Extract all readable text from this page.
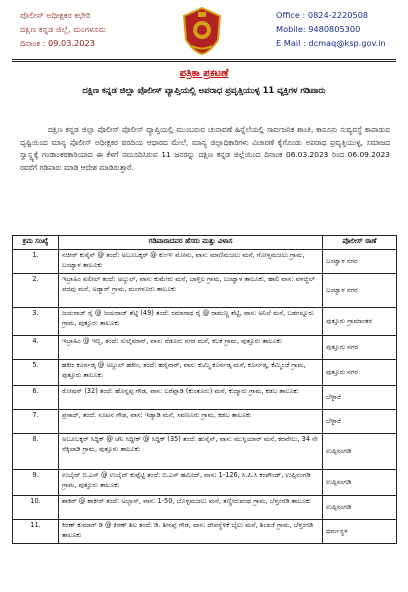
ಪೊಲೀಸ್ ಅಧೀಕ್ಷಕರ ಕಛೇರಿ
ದಕ್ಷಿಣ ಕನ್ನಡ ಜಿಲ್ಲೆ, ಮಂಗಳೂರು
ದಿನಾಂಕ : 09.03.2023
Office : 0824-2220508
Mobile: 9480805300
E Mail : dcmaq@ksp.gov.in
ಪತ್ರಿಕಾ ಪ್ರಕಟಣೆ
ದಕ್ಷಿಣ ಕನ್ನಡ ಜಿಲ್ಲಾ ಪೊಲೀಸ್ ವ್ಯಾಪ್ತಿಯಲ್ಲಿ ಅಪರಾಧ ಪ್ರವೃತ್ತಿಯುಳ್ಳ 11 ವ್ಯಕ್ತಿಗಳ ಗಡಿಪಾರು
ದಕ್ಷಿಣ ಕನ್ನಡ ಜಿಲ್ಲಾ ಪೊಲೀಸ್ ಪೊಲೀಸ್ ವ್ಯಾಪ್ತಿಯಲ್ಲಿ ಮುಂಬರುವ ಚುನಾವಣೆ ಹಿನ್ನೆಲೆಯಲ್ಲಿ ಸಾರ್ವಜನಿಕ ಶಾಂತಿ, ಕಾನೂನು ಸುವ್ಯವಸ್ಥೆ ಕಾಪಾಡುವ ದೃಷ್ಟಿಯಿಂದ ಮಾನ್ಯ ಪೊಲೀಸ್ ಅಧೀಕ್ಷಕರ ವರದಿಯ ಆಧಾರದ ಮೇಲೆ, ಮಾನ್ಯ ಜಿಲ್ಲಾಧಿಕಾರಿಗಳು ವಿಚಾರಣೆ ಕೈಗೊಂಡು ಅಪರಾಧ ಪ್ರವೃತ್ತಿಯುಳ್ಳ, ಸಮಾಜದ ಸ್ವಾಸ್ಥ್ಯಕ್ಕೆ ಗಂಡಾಂತರಕಾರಿಯಾದ ಈ ಕೆಳಗೆ ನಮೂದಿಸಿರುವ 11 ಜನರನ್ನು ದಕ್ಷಿಣ ಕನ್ನಡ ಜಿಲ್ಲೆಯಿಂದ ದಿನಾಂಕ 06.03.2023 ರಿಂದ 06.09.2023 ರವರೆಗೆ ಗಡಿಪಾರು ಮಾಡಿ ಆದೇಶ ಮಾಡಿರುತ್ತಾರೆ.
ಕ್ರಮ ಸಂಖ್ಯೆ	ಗಡಿಪಾರಾದವರ ಹೆಸರು ಮತ್ತು ವಿಳಾಸ	ಪೊಲೀಸ್ ಠಾಣೆ
1.	ನಜೀರ್ ಕುಸೈನ್ @ ತಂದೆ: ಅಬೂಬಕ್ಕರ್ @ ಕುಂಞ ಮೋನು, ವಾಸ: ಮಾಣಿಮಜಲು ಮನೆ, ಗೋಳ್ತಮಜಲು ಗ್ರಾಮ, ಬಂಟ್ವಾಳ ತಾಲೂಕು	ಬಂಟ್ವಾಳ ನಗರ
2.	ಇಬ್ರಾಹಿಂ ಖಲೀಲ್ ತಂದೆ: ಅಬ್ದುಲ್, ವಾಸ: ಕುಮೇರು ಮನೆ, ಬಾಳ್ತಿಲ ಗ್ರಾಮ, ಬಂಟ್ವಾಳ ತಾಲೂಕು, ಹಾಲಿ ವಾಸ: ವಳಚ್ಚಿಲ್ ಪದವು ಮನೆ, ಅಡ್ಯಾರ್ ಗ್ರಾಮ, ಮಂಗಳೂರು ತಾಲೂಕು	ಬಂಟ್ವಾಳ ನಗರ
3.	ಜಯರಾಜ್ ರೈ @ ಜಯರಾಜ್ ಶೆಟ್ಟಿ (49) ತಂದೆ: ರಮಾನಾಥ ರೈ @ ರಾಮಣ್ಣ ಶೆಟ್ಟಿ, ವಾಸ: ಅನಿಲೆ ಮನೆ, ಬಡಗನ್ನೂರು ಗ್ರಾಮ, ಪುತ್ತೂರು ತಾಲೂಕು	ಪುತ್ತೂರು ಗ್ರಾಮಾಂತರ
4.	ಇಬ್ರಾಹಿಂ @ ಇಬ್ಬಿ, ತಂದೆ: ಸುಲೈಮಾನ್, ವಾಸ: ನೆಡೂರು ನಗರ ಮನೆ, ಕಬಕ ಗ್ರಾಮ, ಪುತ್ತೂರು ತಾಲೂಕು	ಪುತ್ತೂರು ನಗರ
5.	ಹಕೀಂ ಕೂರ್ನಡ್ಕ @ ಅಬ್ದುಲ್ ಹಕೀಂ, ತಂದೆ: ಹಸೈನಾರ್, ವಾಸ: ಕುಮ್ಮಿ ಕೂರ್ನಡ್ಕ ಮನೆ, ಕೂರ್ನಡ್ಕ, ಕೆಮ್ಮಿಂಜೆ ಗ್ರಾಮ, ಪುತ್ತೂರು ತಾಲೂಕು	ಪುತ್ತೂರು ನಗರ
6.	ರೋಷನ್ (32) ತಂದೆ: ಹೊನ್ನಪ್ಪ ಗೌಡ, ವಾಸ: ಬರೆಪ್ಪಾಡಿ (ಕುಂತೂರು) ಮನೆ, ಕುದ್ಮಾರು ಗ್ರಾಮ, ಕಡಬ ತಾಲೂಕು	ಬೆಳ್ಳಾರೆ
7.	ಪ್ರಸಾದ್, ತಂದೆ: ಸೂಟನ ಗೌಡ, ವಾಸ: ಇಡ್ಯಾಡಿ ಮನೆ, ಸವಣೂರು ಗ್ರಾಮ, ಕಡಬ ತಾಲೂಕು	ಬೆಳ್ಳಾರೆ
8.	ಅಬೂಬಕ್ಕರ್ ಸಿದ್ದಿಕ್ @ ಚೆನಿ ಸಿದ್ದೀಕ್ @ ಸಿದ್ದಿಕ್ (35) ತಂದೆ: ಹುಸೈನ್, ವಾಸ: ಮುಸ್ಲಿಯಾರ್ ಮನೆ, ಕರವೇಲು, 34 ನೇ ನೆಕ್ಕಿಲಾಡಿ ಗ್ರಾಮ, ಪುತ್ತೂರು ತಾಲೂಕು	ಉಪ್ಪಿನಂಗಡಿ
9.	ಉಬೈದ್ ಬಿ.ಎಸ್ @ ಉಬೈದ್ ಕುಪ್ಪೆಟ್ಟಿ ತಂದೆ: ಬಿ.ಎಸ್ ಹಮೀದ್, ವಾಸ: 1-126, ಸಿ.ಪಿ.ಸಿ ಕಂಪೌಂಡ್, ಉಪ್ಪಿನಂಗಡಿ ಗ್ರಾಮ, ಪುತ್ತೂರು ತಾಲೂಕು	ಉಪ್ಪಿನಂಗಡಿ
10.	ಶಾಕಿರ್ @ ಶಾಕೀರ್ ತಂದೆ: ಅಬ್ಬಾಸ್, ವಾಸ: 1-50, ಬೊಳ್ಳಮಜಲು ಮನೆ, ತಣ್ಣೀರುಪಂಥ ಗ್ರಾಮ, ಬೆಳ್ತಂಗಡಿ ತಾಲೂಕು	ಉಪ್ಪಿನಂಗಡಿ
11.	ಕಿರಣ್ ಕುಮಾರ್ ಡಿ @ ಕಿರಣ್ ಶಿಲ ತಂದೆ: ಡಿ. ಶೀನಪ್ಪ ಗೌಡ, ವಾಸ: ದೇವಸ್ಥೆಳಿಕೆ ಬೈಲು ಮನೆ, ಶಿಬಾಜೆ ಗ್ರಾಮ, ಬೆಳ್ತಂಗಡಿ ತಾಲೂಕು	ಧರ್ಮಸ್ಥಳ
